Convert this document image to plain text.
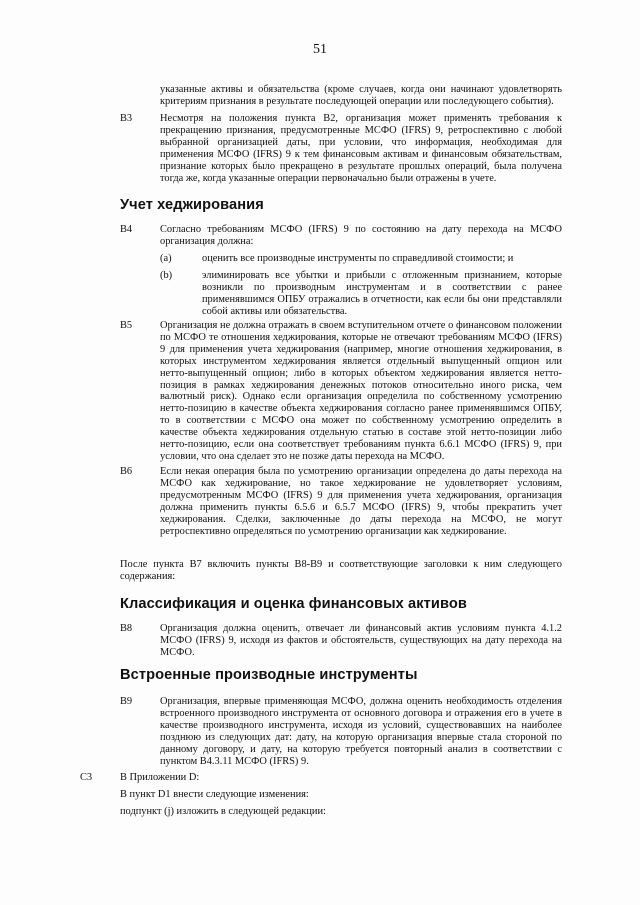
51
указанные активы и обязательства (кроме случаев, когда они начинают удовлетворять критериям признания в результате последующей операции или последующего события).
B3	Несмотря на положения пункта B2, организация может применять требования к прекращению признания, предусмотренные МСФО (IFRS) 9, ретроспективно с любой выбранной организацией даты, при условии, что информация, необходимая для применения МСФО (IFRS) 9 к тем финансовым активам и финансовым обязательствам, признание которых было прекращено в результате прошлых операций, была получена тогда же, когда указанные операции первоначально были отражены в учете.
Учет хеджирования
B4	Согласно требованиям МСФО (IFRS) 9 по состоянию на дату перехода на МСФО организация должна:
(a)	оценить все производные инструменты по справедливой стоимости; и
(b)	элиминировать все убытки и прибыли с отложенным признанием, которые возникли по производным инструментам и в соответствии с ранее применявшимся ОПБУ отражались в отчетности, как если бы они представляли собой активы или обязательства.
B5	Организация не должна отражать в своем вступительном отчете о финансовом положении по МСФО те отношения хеджирования, которые не отвечают требованиям МСФО (IFRS) 9 для применения учета хеджирования (например, многие отношения хеджирования, в которых инструментом хеджирования является отдельный выпущенный опцион или нетто-выпущенный опцион; либо в которых объектом хеджирования является нетто-позиция в рамках хеджирования денежных потоков относительно иного риска, чем валютный риск). Однако если организация определила по собственному усмотрению нетто-позицию в качестве объекта хеджирования согласно ранее применявшимся ОПБУ, то в соответствии с МСФО она может по собственному усмотрению определить в качестве объекта хеджирования отдельную статью в составе этой нетто-позиции либо нетто-позицию, если она соответствует требованиям пункта 6.6.1 МСФО (IFRS) 9, при условии, что она сделает это не позже даты перехода на МСФО.
B6	Если некая операция была по усмотрению организации определена до даты перехода на МСФО как хеджирование, но такое хеджирование не удовлетворяет условиям, предусмотренным МСФО (IFRS) 9 для применения учета хеджирования, организация должна применить пункты 6.5.6 и 6.5.7 МСФО (IFRS) 9, чтобы прекратить учет хеджирования. Сделки, заключенные до даты перехода на МСФО, не могут ретроспективно определяться по усмотрению организации как хеджирование.
После пункта B7 включить пункты B8-B9 и соответствующие заголовки к ним следующего содержания:
Классификация и оценка финансовых активов
B8	Организация должна оценить, отвечает ли финансовый актив условиям пункта 4.1.2 МСФО (IFRS) 9, исходя из фактов и обстоятельств, существующих на дату перехода на МСФО.
Встроенные производные инструменты
B9	Организация, впервые применяющая МСФО, должна оценить необходимость отделения встроенного производного инструмента от основного договора и отражения его в учете в качестве производного инструмента, исходя из условий, существовавших на наиболее позднюю из следующих дат: дату, на которую организация впервые стала стороной по данному договору, и дату, на которую требуется повторный анализ в соответствии с пунктом B4.3.11 МСФО (IFRS) 9.
C3	В Приложении D:
В пункт D1 внести следующие изменения:
подпункт (j) изложить в следующей редакции:
